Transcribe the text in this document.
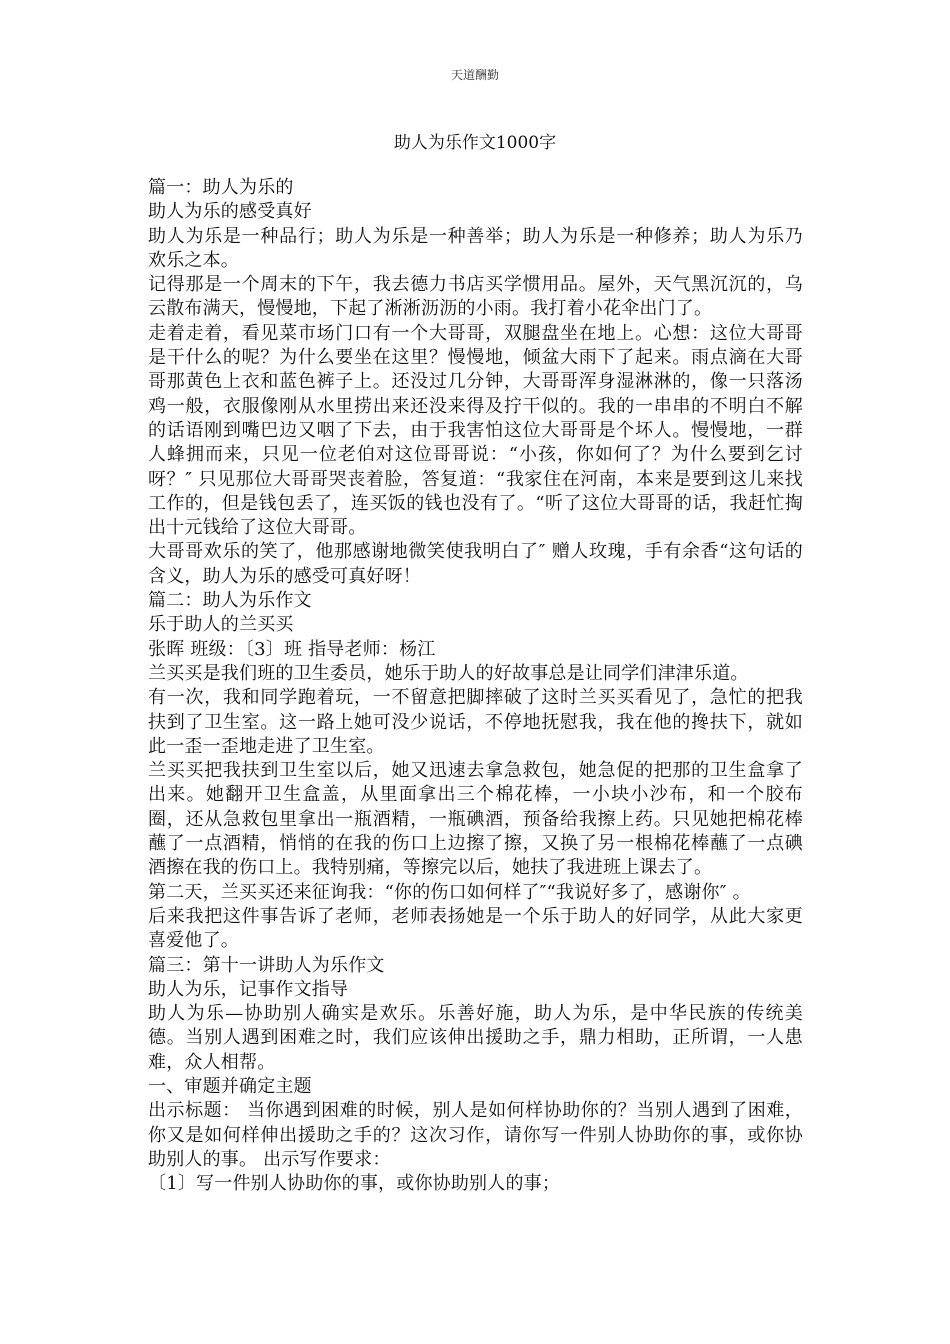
天道酬勤
助人为乐作文1000字

篇一：助人为乐的

助人为乐的感受真好

助人为乐是一种品行；助人为乐是一种善举；助人为乐是一种修养；助人为乐乃欢乐之本。

记得那是一个周末的下午，我去德力书店买学惯用品。屋外，天气黑沉沉的，乌云散布满天，慢慢地，下起了淅淅沥沥的小雨。我打着小花伞出门了。

走着走着，看见菜市场门口有一个大哥哥，双腿盘坐在地上。心想：这位大哥哥是干什么的呢？为什么要坐在这里？慢慢地，倾盆大雨下了起来。雨点滴在大哥哥那黄色上衣和蓝色裤子上。还没过几分钟，大哥哥浑身湿淋淋的，像一只落汤鸡一般，衣服像刚从水里捞出来还没来得及拧干似的。我的一串串的不明白不解的话语刚到嘴巴边又咽了下去，由于我害怕这位大哥哥是个坏人。慢慢地，一群人蜂拥而来，只见一位老伯对这位哥哥说：“小孩，你如何了？为什么要到乞讨呀？″ 只见那位大哥哥哭丧着脸，答复道：“我家住在河南，本来是要到这儿来找工作的，但是钱包丢了，连买饭的钱也没有了。“听了这位大哥哥的话，我赶忙掏出十元钱给了这位大哥哥。

大哥哥欢乐的笑了，他那感谢地微笑使我明白了″ 赠人玫瑰，手有余香“这句话的含义，助人为乐的感受可真好呀！

篇二：助人为乐作文

乐于助人的兰买买

张晖 班级：〔3〕班 指导老师：杨江

兰买买是我们班的卫生委员，她乐于助人的好故事总是让同学们津津乐道。

有一次，我和同学跑着玩，一不留意把脚摔破了这时兰买买看见了，急忙的把我扶到了卫生室。这一路上她可没少说话，不停地抚慰我，我在他的搀扶下，就如此一歪一歪地走进了卫生室。

兰买买把我扶到卫生室以后，她又迅速去拿急救包，她急促的把那的卫生盒拿了出来。她翻开卫生盒盖，从里面拿出三个棉花棒，一小块小沙布，和一个胶布圈，还从急救包里拿出一瓶酒精，一瓶碘酒，预备给我擦上药。只见她把棉花棒蘸了一点酒精，悄悄的在我的伤口上边擦了擦，又换了另一根棉花棒蘸了一点碘酒擦在我的伤口上。我特别痛，等擦完以后，她扶了我进班上课去了。

第二天，兰买买还来征询我：“你的伤口如何样了″“我说好多了，感谢你″ 。

后来我把这件事告诉了老师，老师表扬她是一个乐于助人的好同学，从此大家更喜爱他了。

篇三：第十一讲助人为乐作文

助人为乐，记事作文指导

助人为乐—协助别人确实是欢乐。乐善好施，助人为乐，是中华民族的传统美德。当别人遇到困难之时，我们应该伸出援助之手，鼎力相助，正所谓，一人患难，众人相帮。

一、审题并确定主题

出示标题： 当你遇到困难的时候，别人是如何样协助你的？当别人遇到了困难，你又是如何样伸出援助之手的？这次习作，请你写一件别人协助你的事，或你协助别人的事。 出示写作要求：

〔1〕写一件别人协助你的事，或你协助别人的事；
